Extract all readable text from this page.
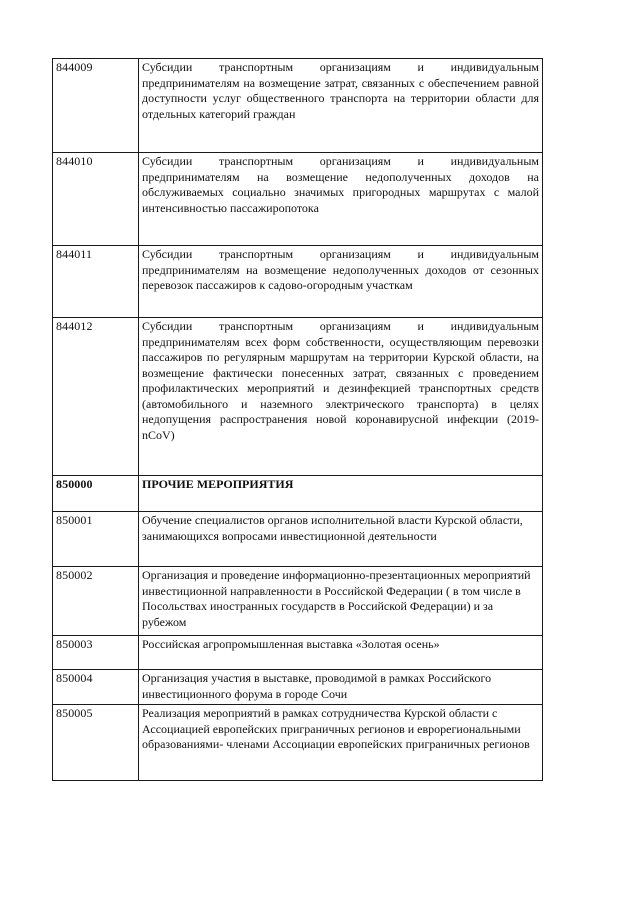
844009	Субсидии транспортным организациям и индивидуальным предпринимателям на возмещение затрат, связанных с обеспечением равной доступности услуг общественного транспорта на территории области для отдельных категорий граждан
844010	Субсидии транспортным организациям и индивидуальным предпринимателям на возмещение недополученных доходов на обслуживаемых социально значимых пригородных маршрутах с малой интенсивностью пассажиропотока
844011	Субсидии транспортным организациям и индивидуальным предпринимателям на возмещение недополученных доходов от сезонных перевозок пассажиров к садово-огородным участкам
844012	Субсидии транспортным организациям и индивидуальным предпринимателям всех форм собственности, осуществляющим перевозки пассажиров по регулярным маршрутам на территории Курской области, на возмещение фактически понесенных затрат, связанных с проведением профилактических мероприятий и дезинфекцией транспортных средств (автомобильного и наземного электрического транспорта) в целях недопущения распространения новой коронавирусной инфекции (2019-nCoV)
850000	ПРОЧИЕ МЕРОПРИЯТИЯ
850001	Обучение специалистов органов исполнительной власти Курской области, занимающихся вопросами инвестиционной деятельности
850002	Организация и проведение информационно-презентационных мероприятий инвестиционной направленности в Российской Федерации ( в том числе в Посольствах иностранных государств в Российской Федерации) и за рубежом
850003	Российская агропромышленная выставка «Золотая осень»
850004	Организация участия в выставке, проводимой в рамках Российского инвестиционного форума в городе Сочи
850005	Реализация мероприятий в рамках сотрудничества Курской области с Ассоциацией европейских приграничных регионов и еврорегиональными образованиями- членами Ассоциации европейских приграничных регионов
